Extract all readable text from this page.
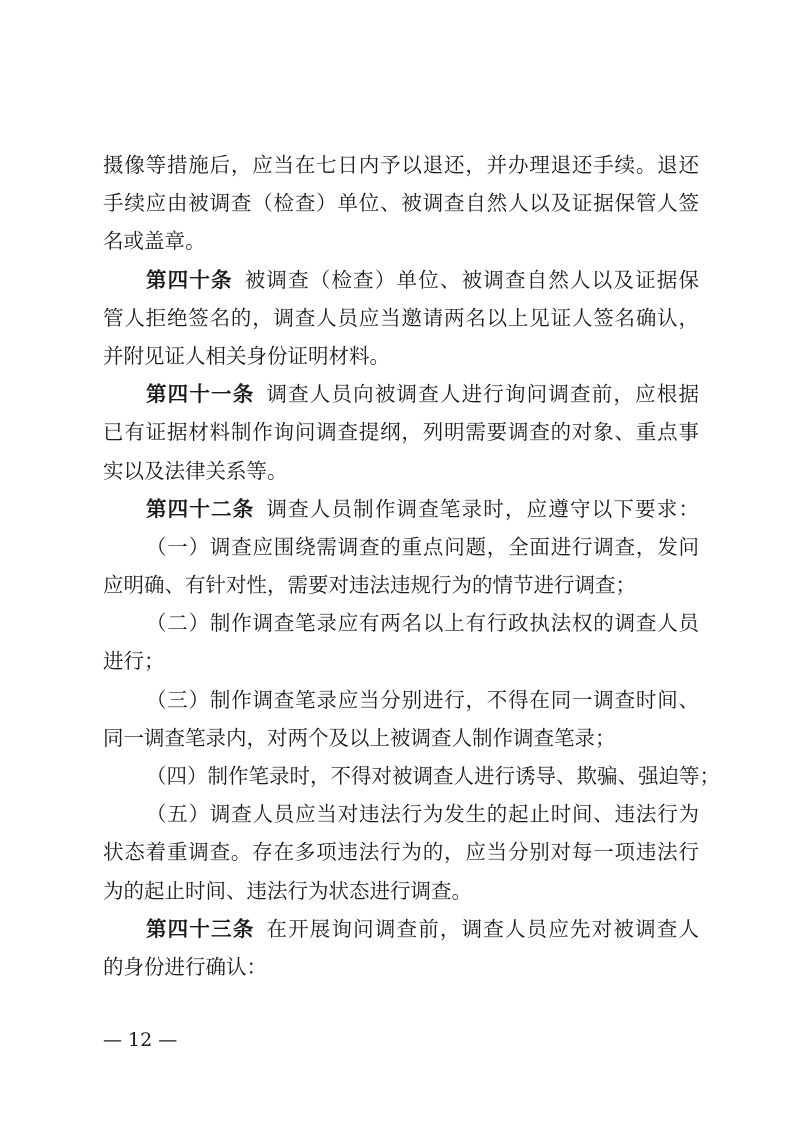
摄像等措施后，应当在七日内予以退还，并办理退还手续。退还
手续应由被调查（检查）单位、被调查自然人以及证据保管人签
名或盖章。
第四十条 被调查（检查）单位、被调查自然人以及证据保
管人拒绝签名的，调查人员应当邀请两名以上见证人签名确认，
并附见证人相关身份证明材料。
第四十一条 调查人员向被调查人进行询问调查前，应根据
已有证据材料制作询问调查提纲，列明需要调查的对象、重点事
实以及法律关系等。
第四十二条 调查人员制作调查笔录时，应遵守以下要求：
（一）调查应围绕需调查的重点问题，全面进行调查，发问
应明确、有针对性，需要对违法违规行为的情节进行调查；
（二）制作调查笔录应有两名以上有行政执法权的调查人员
进行；
（三）制作调查笔录应当分别进行，不得在同一调查时间、
同一调查笔录内，对两个及以上被调查人制作调查笔录；
（四）制作笔录时，不得对被调查人进行诱导、欺骗、强迫等；
（五）调查人员应当对违法行为发生的起止时间、违法行为
状态着重调查。存在多项违法行为的，应当分别对每一项违法行
为的起止时间、违法行为状态进行调查。
第四十三条 在开展询问调查前，调查人员应先对被调查人
的身份进行确认：
— 12 —
